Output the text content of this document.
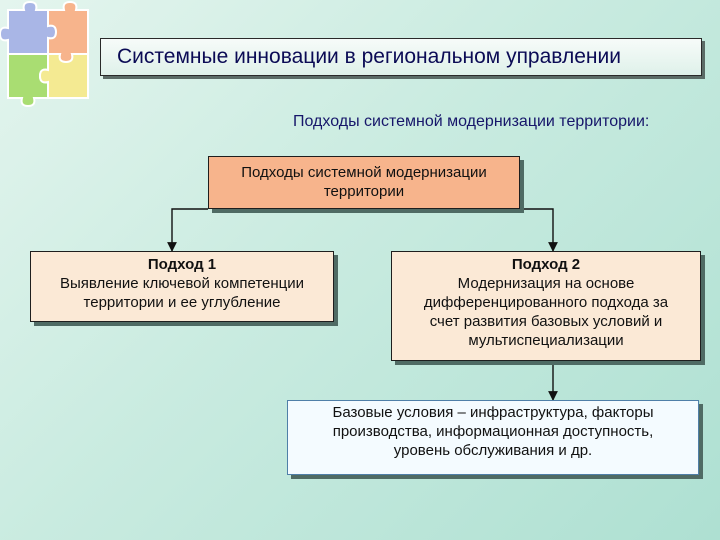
Системные инновации в региональном управлении
Подходы системной модернизации территории:
Подходы системной модернизации
территории
Подход 1
Выявление ключевой компетенции
территории и ее углубление
Подход 2
Модернизация на основе
дифференцированного подхода за
счет развития базовых условий и
мультиспециализации
Базовые условия – инфраструктура, факторы
производства, информационная доступность,
уровень обслуживания и др.
